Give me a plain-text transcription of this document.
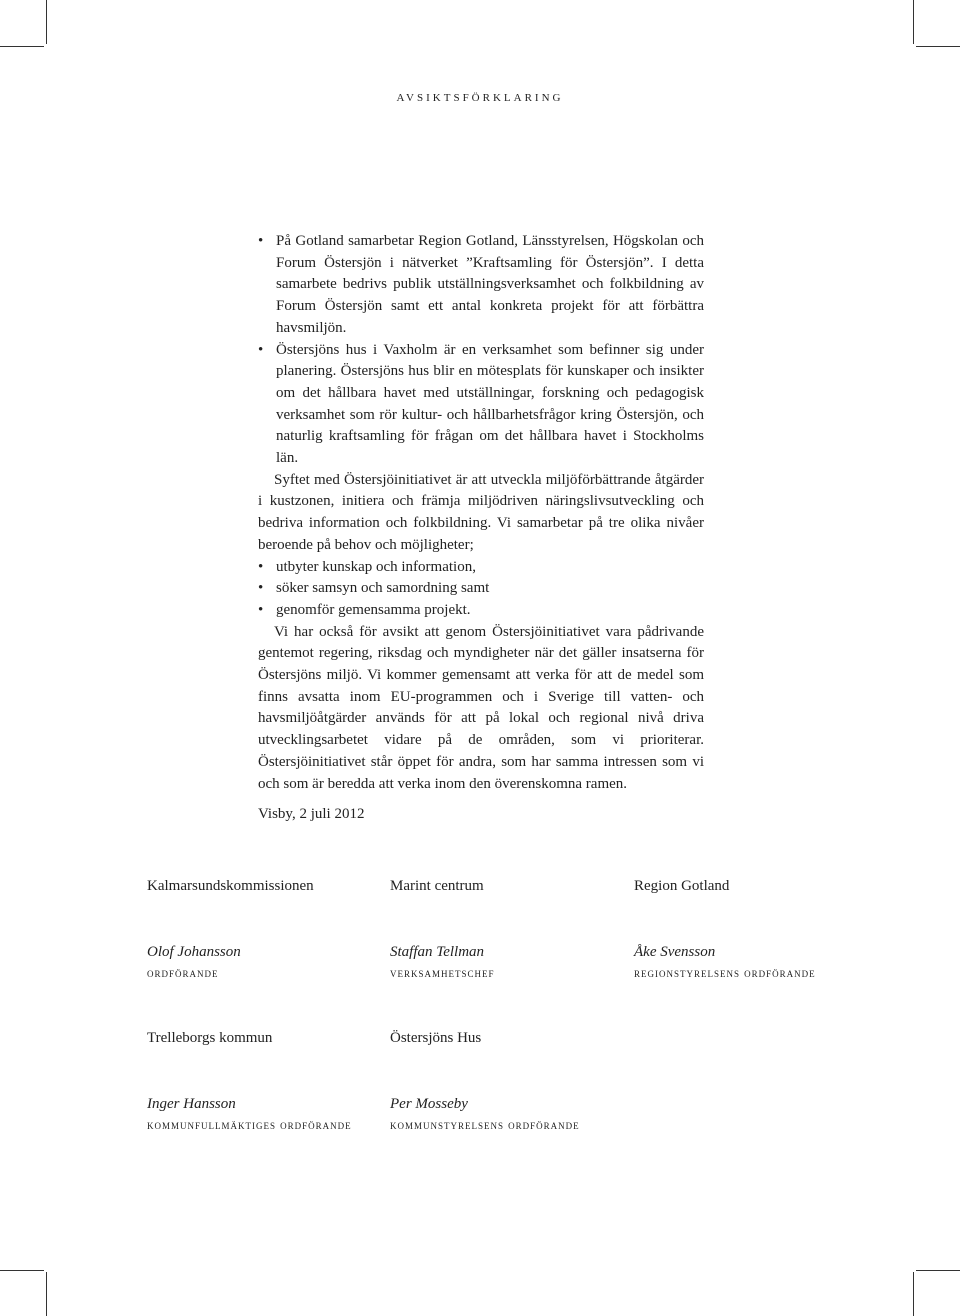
avsiktsförklaring
• På Gotland samarbetar Region Gotland, Länsstyrelsen, Högskolan och Forum Östersjön i nätverket ”Kraftsamling för Östersjön”. I detta samarbete bedrivs publik utställningsverksamhet och folkbildning av Forum Östersjön samt ett antal konkreta projekt för att förbättra havsmiljön.
• Östersjöns hus i Vaxholm är en verksamhet som befinner sig under planering. Östersjöns hus blir en mötesplats för kunskaper och insikter om det hållbara havet med utställningar, forskning och pedagogisk verksamhet som rör kultur- och hållbarhetsfrågor kring Östersjön, och naturlig kraftsamling för frågan om det hållbara havet i Stockholms län.

Syftet med Östersjöinitiativet är att utveckla miljöförbättrande åtgärder i kustzonen, initiera och främja miljödriven näringslivsutveckling och bedriva information och folkbildning. Vi samarbetar på tre olika nivåer beroende på behov och möjligheter;

• utbyter kunskap och information,
• söker samsyn och samordning samt
• genomför gemensamma projekt.

Vi har också för avsikt att genom Östersjöinitiativet vara pådrivande gentemot regering, riksdag och myndigheter när det gäller insatserna för Östersjöns miljö. Vi kommer gemensamt att verka för att de medel som finns avsatta inom EU-programmen och i Sverige till vatten- och havsmiljöåtgärder används för att på lokal och regional nivå driva utvecklingsarbetet vidare på de områden, som vi prioriterar. Östersjöinitiativet står öppet för andra, som har samma intressen som vi och som är beredda att verka inom den överenskomna ramen.

Visby, 2 juli 2012
Kalmarsundskommissionen	Marint centrum	Region Gotland
Olof Johansson	Staffan Tellman	Åke Svensson
ordförande	verksamhetschef	regionstyrelsens ordförande
Trelleborgs kommun	Östersjöns Hus
Inger Hansson	Per Mosseby
kommunfullmäktiges ordförande	kommunstyrelsens ordförande
